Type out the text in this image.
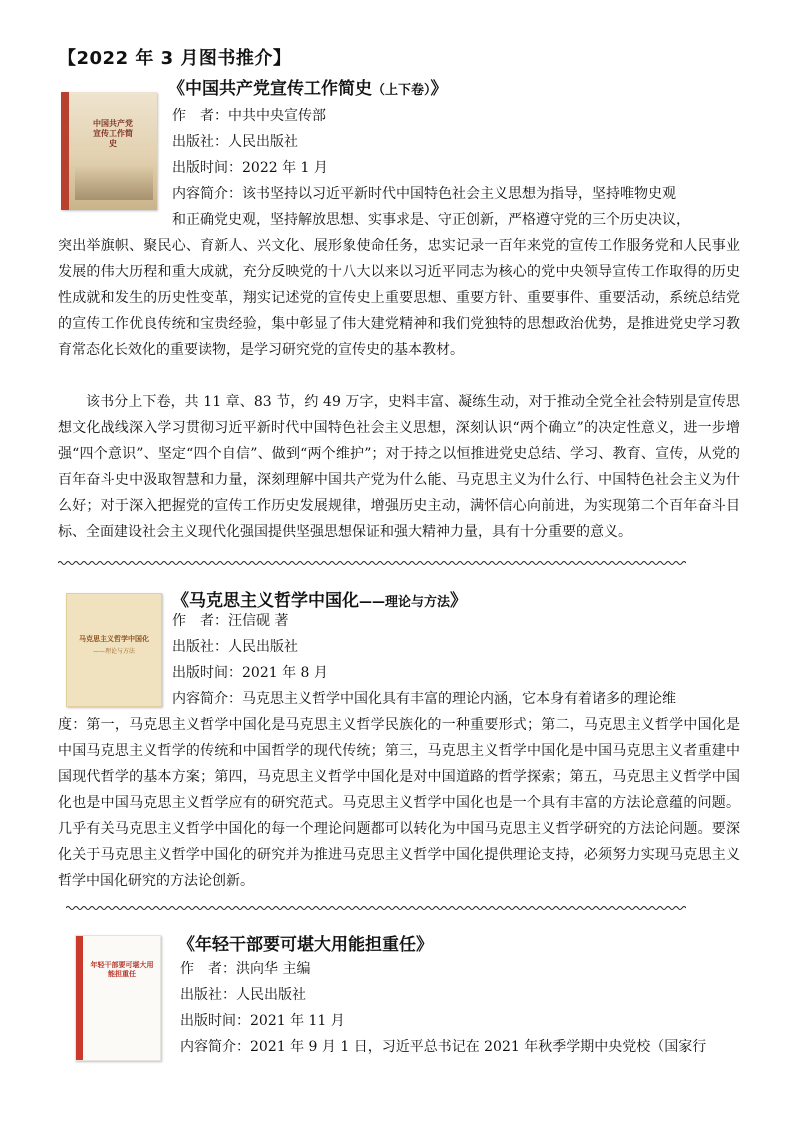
【2022 年 3 月图书推介】
中国共产党宣传工作简史
《中国共产党宣传工作简史（上下卷）》
作　者：中共中央宣传部
出版社：人民出版社
出版时间：2022 年 1 月
内容简介：该书坚持以习近平新时代中国特色社会主义思想为指导，坚持唯物史观
和正确党史观，坚持解放思想、实事求是、守正创新，严格遵守党的三个历史决议，
突出举旗帜、聚民心、育新人、兴文化、展形象使命任务，忠实记录一百年来党的宣传工作服务党和人民事业发展的伟大历程和重大成就，充分反映党的十八大以来以习近平同志为核心的党中央领导宣传工作取得的历史性成就和发生的历史性变革，翔实记述党的宣传史上重要思想、重要方针、重要事件、重要活动，系统总结党的宣传工作优良传统和宝贵经验，集中彰显了伟大建党精神和我们党独特的思想政治优势，是推进党史学习教育常态化长效化的重要读物，是学习研究党的宣传史的基本教材。
该书分上下卷，共 11 章、83 节，约 49 万字，史料丰富、凝练生动，对于推动全党全社会特别是宣传思想文化战线深入学习贯彻习近平新时代中国特色社会主义思想，深刻认识“两个确立”的决定性意义，进一步增强“四个意识”、坚定“四个自信”、做到“两个维护”；对于持之以恒推进党史总结、学习、教育、宣传，从党的百年奋斗史中汲取智慧和力量，深刻理解中国共产党为什么能、马克思主义为什么行、中国特色社会主义为什么好；对于深入把握党的宣传工作历史发展规律，增强历史主动，满怀信心向前进，为实现第二个百年奋斗目标、全面建设社会主义现代化强国提供坚强思想保证和强大精神力量，具有十分重要的意义。
马克思主义哲学中国化
——理论与方法
《马克思主义哲学中国化——理论与方法》
作　者：汪信砚 著
出版社：人民出版社
出版时间：2021 年 8 月
内容简介：马克思主义哲学中国化具有丰富的理论内涵，它本身有着诸多的理论维
度：第一，马克思主义哲学中国化是马克思主义哲学民族化的一种重要形式；第二，马克思主义哲学中国化是中国马克思主义哲学的传统和中国哲学的现代传统；第三，马克思主义哲学中国化是中国马克思主义者重建中国现代哲学的基本方案；第四，马克思主义哲学中国化是对中国道路的哲学探索；第五，马克思主义哲学中国化也是中国马克思主义哲学应有的研究范式。马克思主义哲学中国化也是一个具有丰富的方法论意蕴的问题。几乎有关马克思主义哲学中国化的每一个理论问题都可以转化为中国马克思主义哲学研究的方法论问题。要深化关于马克思主义哲学中国化的研究并为推进马克思主义哲学中国化提供理论支持，必须努力实现马克思主义哲学中国化研究的方法论创新。
年轻干部要可堪大用能担重任
《年轻干部要可堪大用能担重任》
作　者：洪向华 主编
出版社：人民出版社
出版时间：2021 年 11 月
内容简介：2021 年 9 月 1 日，习近平总书记在 2021 年秋季学期中央党校（国家行
